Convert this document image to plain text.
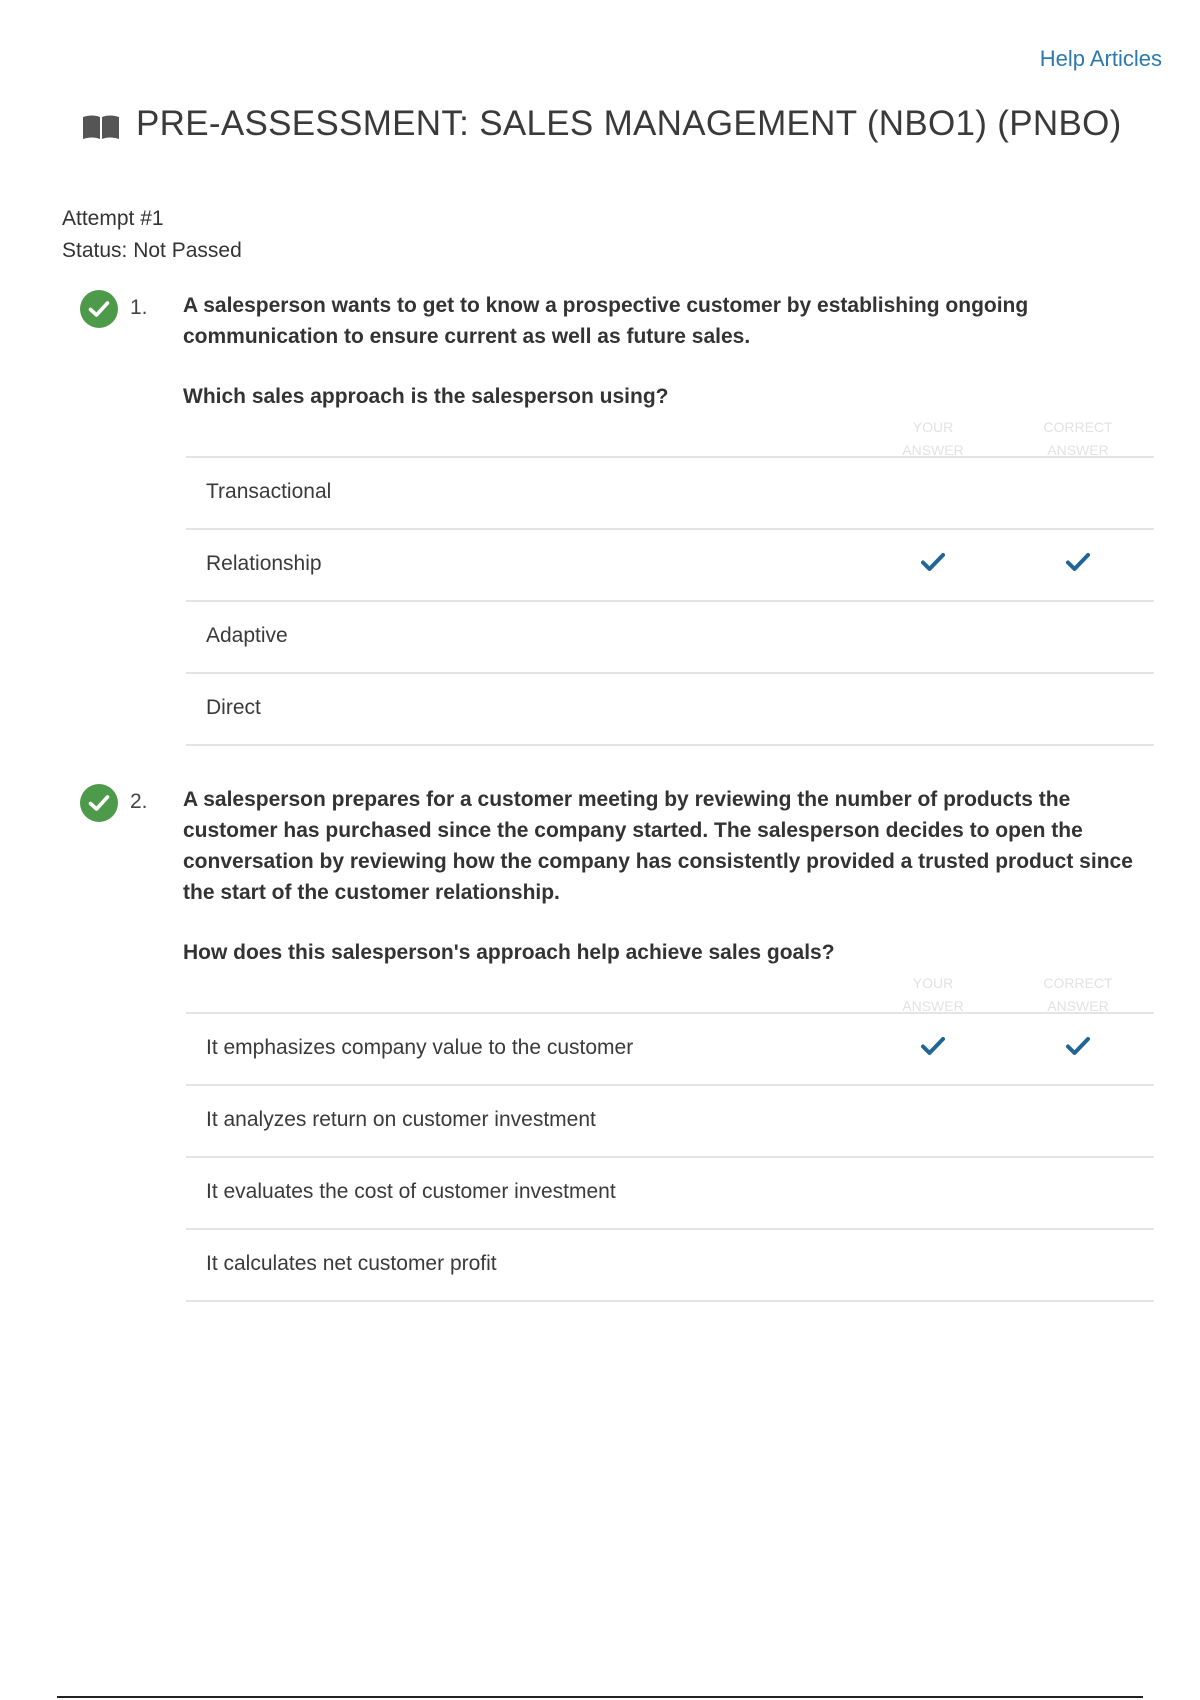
Help Articles
PRE-ASSESSMENT: SALES MANAGEMENT (NBO1) (PNBO)
Attempt #1
Status: Not Passed
1. A salesperson wants to get to know a prospective customer by establishing ongoing communication to ensure current as well as future sales.

Which sales approach is the salesperson using?

YOUR ANSWER
CORRECT ANSWER
Transactional
Relationship
Adaptive
Direct
2. A salesperson prepares for a customer meeting by reviewing the number of products the customer has purchased since the company started. The salesperson decides to open the conversation by reviewing how the company has consistently provided a trusted product since the start of the customer relationship.

How does this salesperson's approach help achieve sales goals?

YOUR ANSWER
CORRECT ANSWER
It emphasizes company value to the customer
It analyzes return on customer investment
It evaluates the cost of customer investment
It calculates net customer profit
